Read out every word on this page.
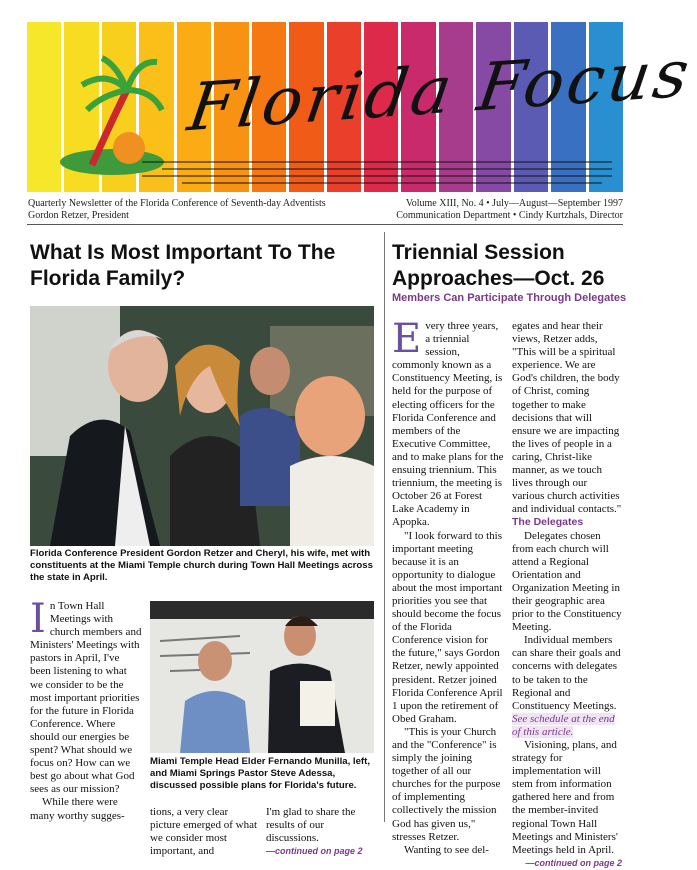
Florida Focus
Quarterly Newsletter of the Florida Conference of Seventh-day Adventists
Gordon Retzer, President
Volume XIII, No. 4 • July—August—September 1997
Communication Department • Cindy Kurtzhals, Director
What Is Most Important To The
Florida Family?
Florida Conference President Gordon Retzer and Cheryl, his wife, met with constituents at the Miami Temple church during Town Hall Meetings across the state in April.

In Town Hall Meetings with church members and Ministers' Meetings with pastors in April, I've been listening to what we consider to be the most important priorities for the future in Florida Conference. Where should our energies be spent? What should we focus on? How can we best go about what God sees as our mission?

While there were many worthy sugges-

Miami Temple Head Elder Fernando Munilla, left, and Miami Springs Pastor Steve Adessa, discussed possible plans for Florida's future.
tions, a very clear picture emerged of what we consider most important, and

I'm glad to share the results of our discussions.

—continued on page 2

Triennial Session
Approaches—Oct. 26
Members Can Participate Through Delegates

Every three years, a triennial session, commonly known as a Constituency Meeting, is held for the purpose of electing officers for the Florida Conference and members of the Executive Committee, and to make plans for the ensuing triennium. This triennium, the meeting is October 26 at Forest Lake Academy in Apopka.

"I look forward to this important meeting because it is an opportunity to dialogue about the most important priorities you see that should become the focus of the Florida Conference vision for the future," says Gordon Retzer, newly appointed president. Retzer joined Florida Conference April 1 upon the retirement of Obed Graham.

"This is your Church and the "Conference" is simply the joining together of all our churches for the purpose of implementing collectively the mission God has given us," stresses Retzer.

Wanting to see del-

egates and hear their views, Retzer adds, "This will be a spiritual experience. We are God's children, the body of Christ, coming together to make decisions that will ensure we are impacting the lives of people in a caring, Christ-like manner, as we touch lives through our various church activities and individual contacts."

The Delegates

Delegates chosen from each church will attend a Regional Orientation and Organization Meeting in their geographic area prior to the Constituency Meeting.

Individual members can share their goals and concerns with delegates to be taken to the Regional and Constituency Meetings. See schedule at the end of this article.

Visioning, plans, and strategy for implementation will stem from information gathered here and from the member-invited regional Town Hall Meetings and Ministers' Meetings held in April.

—continued on page 2
